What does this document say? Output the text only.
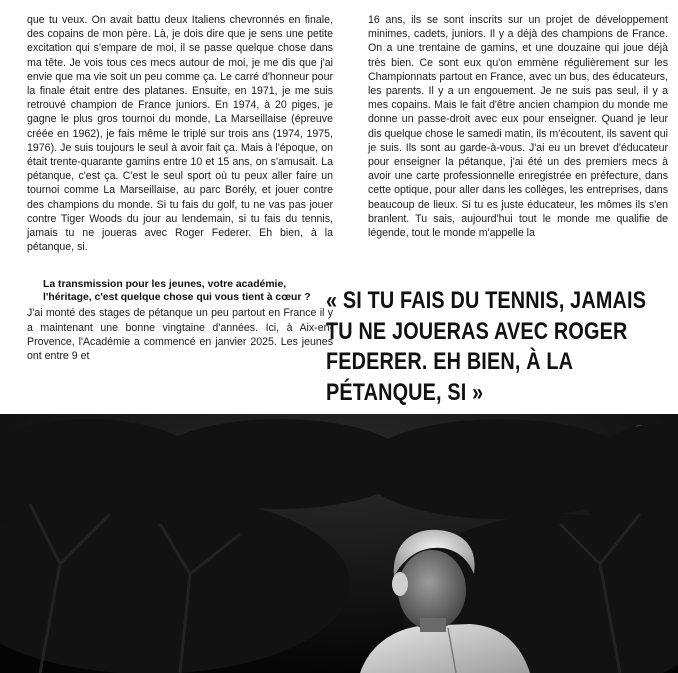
que tu veux. On avait battu deux Italiens chevronnés en finale, des copains de mon père. Là, je dois dire que je sens une petite excitation qui s'empare de moi, il se passe quelque chose dans ma tête. Je vois tous ces mecs autour de moi, je me dis que j'ai envie que ma vie soit un peu comme ça. Le carré d'honneur pour la finale était entre des platanes. Ensuite, en 1971, je me suis retrouvé champion de France juniors. En 1974, à 20 piges, je gagne le plus gros tournoi du monde, La Marseillaise (épreuve créée en 1962), je fais même le triplé sur trois ans (1974, 1975, 1976). Je suis toujours le seul à avoir fait ça. Mais à l'époque, on était trente-quarante gamins entre 10 et 15 ans, on s'amusait. La pétanque, c'est ça. C'est le seul sport où tu peux aller faire un tournoi comme La Marseillaise, au parc Borély, et jouer contre des champions du monde. Si tu fais du golf, tu ne vas pas jouer contre Tiger Woods du jour au lendemain, si tu fais du tennis, jamais tu ne joueras avec Roger Federer. Eh bien, à la pétanque, si.

La transmission pour les jeunes, votre académie, l'héritage, c'est quelque chose qui vous tient à cœur ?

J'ai monté des stages de pétanque un peu partout en France il y a maintenant une bonne vingtaine d'années. Ici, à Aix-en-Provence, l'Académie a commencé en janvier 2025. Les jeunes ont entre 9 et

16 ans, ils se sont inscrits sur un projet de développement minimes, cadets, juniors. Il y a déjà des champions de France. On a une trentaine de gamins, et une douzaine qui joue déjà très bien. Ce sont eux qu'on emmène régulièrement sur les Championnats partout en France, avec un bus, des éducateurs, les parents. Il y a un engouement. Je ne suis pas seul, il y a mes copains. Mais le fait d'être ancien champion du monde me donne un passe-droit avec eux pour enseigner. Quand je leur dis quelque chose le samedi matin, ils m'écoutent, ils savent qui je suis. Ils sont au garde-à-vous. J'ai eu un brevet d'éducateur pour enseigner la pétanque, j'ai été un des premiers mecs à avoir une carte professionnelle enregistrée en préfecture, dans cette optique, pour aller dans les collèges, les entreprises, dans beaucoup de lieux. Si tu es juste éducateur, les mômes ils s'en branlent. Tu sais, aujourd'hui tout le monde me qualifie de légende, tout le monde m'appelle la

« SI TU FAIS DU TENNIS, JAMAIS TU NE JOUERAS AVEC ROGER FEDERER. EH BIEN, À LA PÉTANQUE, SI »
